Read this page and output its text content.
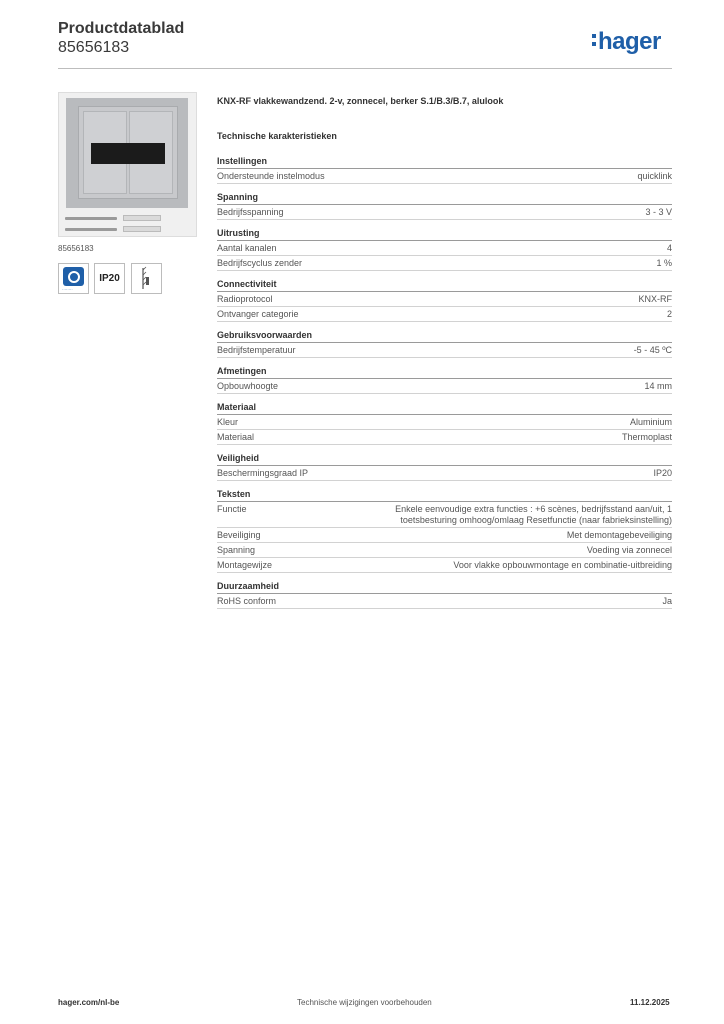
Productdatablad
85656183	hager
85656183
········
IP20
KNX-RF vlakkewandzend. 2-v, zonnecel, berker S.1/B.3/B.7, alulook
Technische karakteristieken
Instellingen
Ondersteunde instelmodus	quicklink
Spanning
Bedrijfsspanning	3 - 3 V
Uitrusting
Aantal kanalen	4
Bedrijfscyclus zender	1 %
Connectiviteit
Radioprotocol	KNX-RF
Ontvanger categorie	2
Gebruiksvoorwaarden
Bedrijfstemperatuur	-5 - 45 ºC
Afmetingen
Opbouwhoogte	14 mm
Materiaal
Kleur	Aluminium
Materiaal	Thermoplast
Veiligheid
Beschermingsgraad IP	IP20
Teksten
Functie	Enkele eenvoudige extra functies : +6 scènes, bedrijfsstand aan/uit, 1 toetsbesturing omhoog/omlaag Resetfunctie (naar fabrieksinstelling)
Beveiliging	Met demontagebeveiliging
Spanning	Voeding via zonnecel
Montagewijze	Voor vlakke opbouwmontage en combinatie-uitbreiding
Duurzaamheid
RoHS conform	Ja
hager.com/nl-be	Technische wijzigingen voorbehouden	11.12.2025
